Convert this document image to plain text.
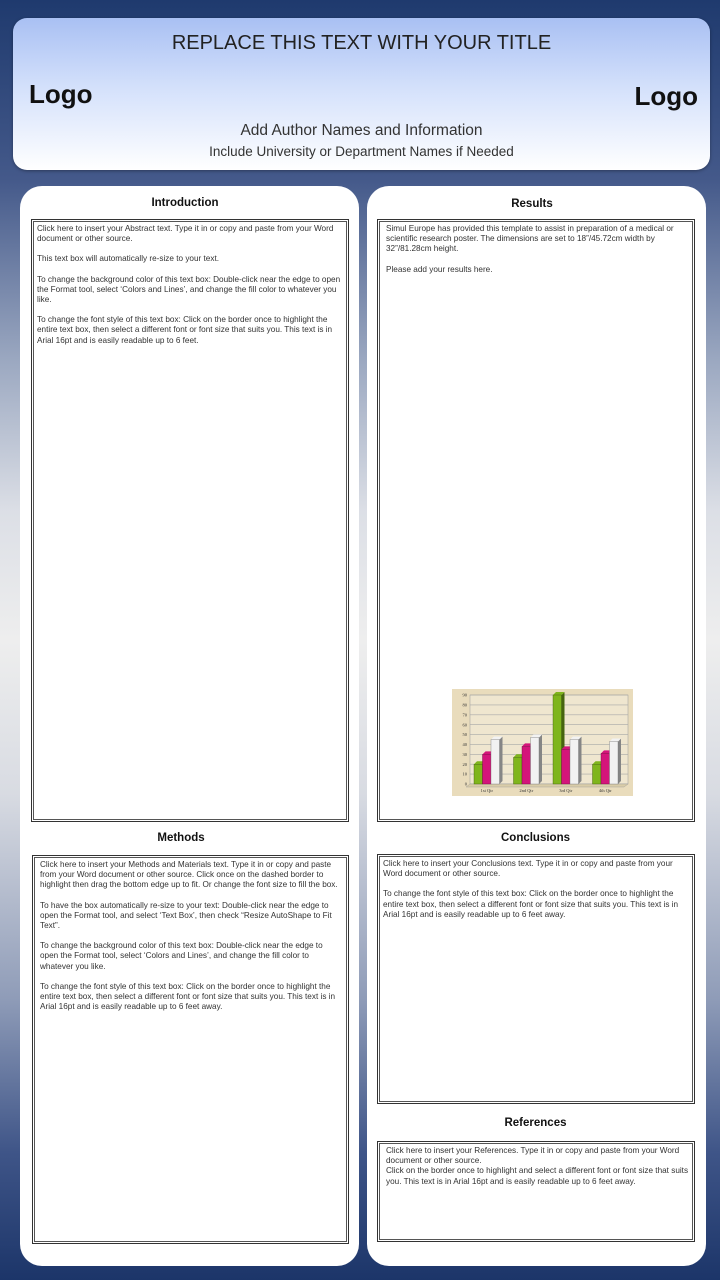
REPLACE THIS TEXT WITH YOUR TITLE
Logo	Logo
Add Author Names and Information
Include University or Department Names if Needed
Introduction

Click here to insert your Abstract text. Type it in or copy and paste from your Word document or other source.

This text box will automatically re-size to your text.

To change the background color of this text box: Double-click near the edge to open the Format tool, select ‘Colors and Lines’, and change the fill color to whatever you like.

To change the font style of this text box: Click on the border once to highlight the entire text box, then select a different font or font size that suits you. This text is in Arial 16pt and is easily readable up to 6 feet.

Results

Simul Europe has provided this template to assist in preparation of a medical or scientific research poster. The dimensions are set to 18”/45.72cm width by 32”/81.28cm height.

Please add your results here.

0
10
20
30
40
50
60
70
80
90
1st Qtr	2nd Qtr	3rd Qtr	4th Qtr
Methods

Click here to insert your Methods and Materials text. Type it in or copy and paste from your Word document or other source. Click once on the dashed border to highlight then drag the bottom edge up to fit. Or change the font size to fill the box.

To have the box automatically re-size to your text: Double-click near the edge to open the Format tool, and select ‘Text Box’, then check “Resize AutoShape to Fit Text”.

To change the background color of this text box: Double-click near the edge to open the Format tool, select ‘Colors and Lines’, and change the fill color to whatever you like.

To change the font style of this text box: Click on the border once to highlight the entire text box, then select a different font or font size that suits you. This text is in Arial 16pt and is easily readable up to 6 feet away.

Conclusions

Click here to insert your Conclusions text. Type it in or copy and paste from your Word document or other source.

To change the font style of this text box: Click on the border once to highlight the entire text box, then select a different font or font size that suits you. This text is in Arial 16pt and is easily readable up to 6 feet away.

References

Click here to insert your References. Type it in or copy and paste from your Word document or other source.

Click on the border once to highlight and select a different font or font size that suits you. This text is in Arial 16pt and is easily readable up to 6 feet away.
